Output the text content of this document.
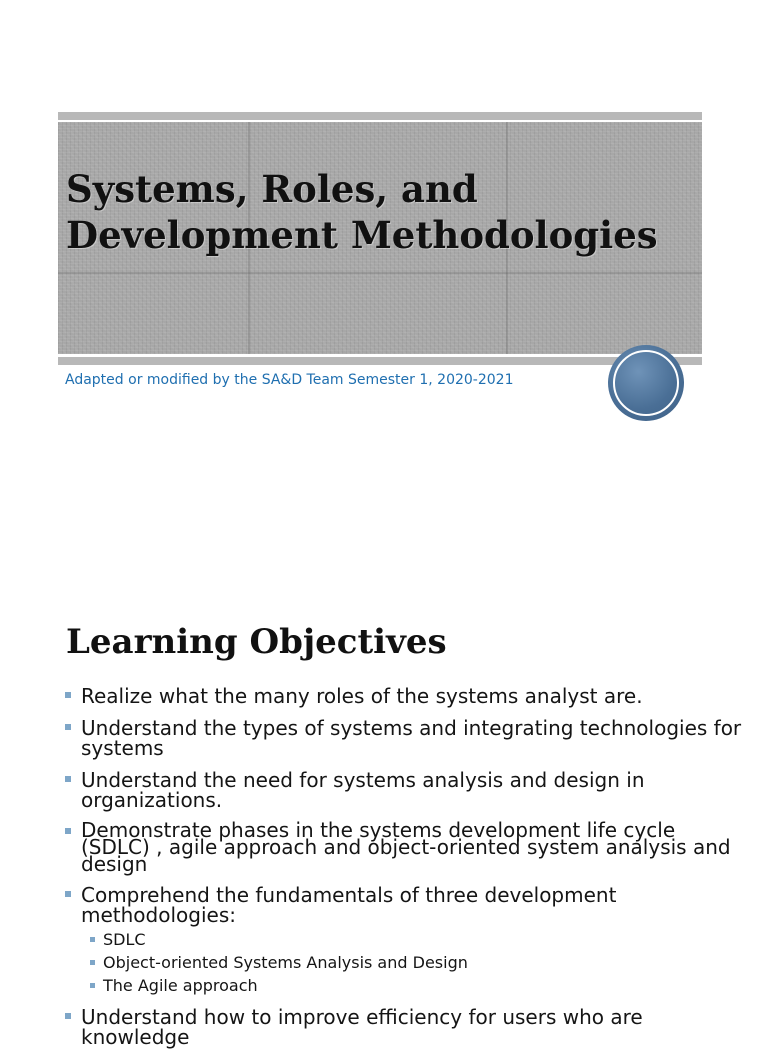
Systems, Roles, and Development Methodologies
Adapted or modified by the SA&D Team Semester 1, 2020-2021
Learning Objectives
Realize what the many roles of the systems analyst are.
Understand the types of systems and integrating technologies for systems
Understand the need for systems analysis and design in organizations.
Demonstrate phases in the systems development life cycle (SDLC) , agile approach and object-oriented system analysis and design
Comprehend the fundamentals of three development methodologies:
SDLC
Object-oriented Systems Analysis and Design
The Agile approach
Understand how to improve efficiency for users who are knowledge
